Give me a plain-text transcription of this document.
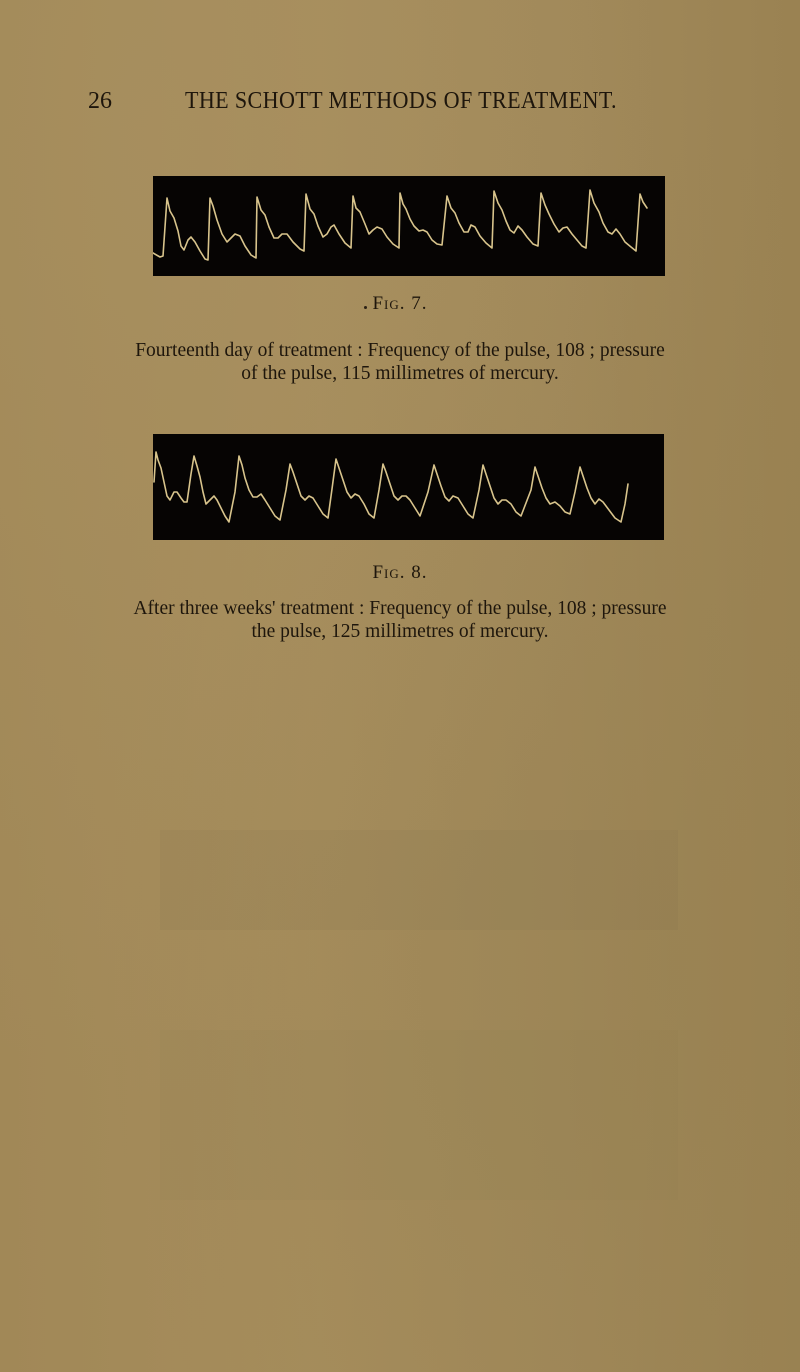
26	THE SCHOTT METHODS OF TREATMENT.
Fig. 7.
Fourteenth day of treatment : Frequency of the pulse, 108 ; pressure
of the pulse, 115 millimetres of mercury.
Fig. 8.
After three weeks' treatment : Frequency of the pulse, 108 ; pressure
the pulse, 125 millimetres of mercury.
